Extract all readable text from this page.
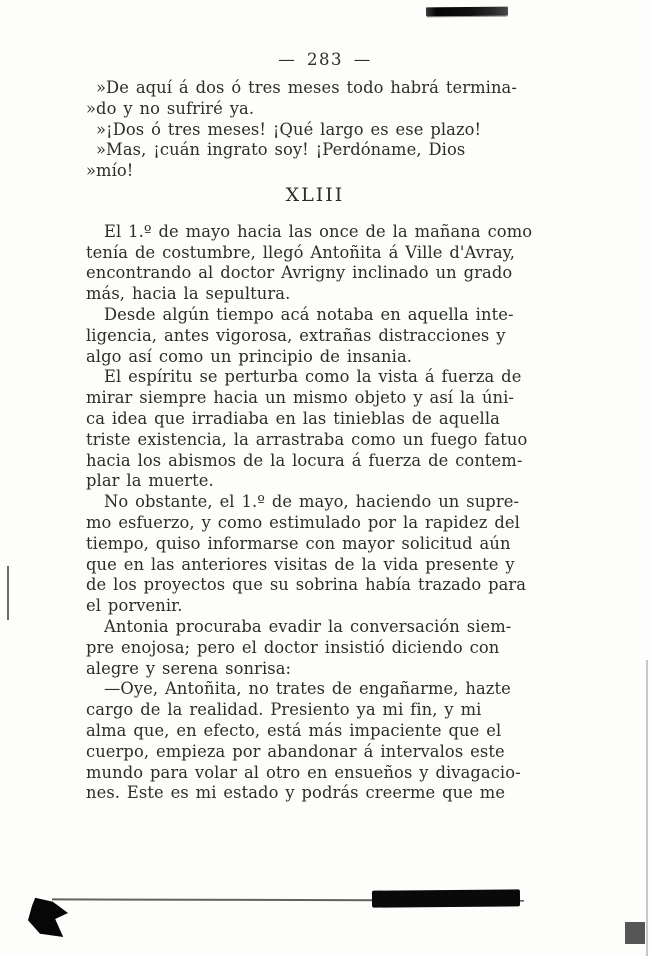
— 283 —

»De aquí á dos ó tres meses todo habrá termina-
»do y no sufriré ya.

»¡Dos ó tres meses! ¡Qué largo es ese plazo!

»Mas, ¡cuán ingrato soy! ¡Perdóname, Dios
»mío!

XLIII

El 1.º de mayo hacia las once de la mañana como
tenía de costumbre, llegó Antoñita á Ville d'Avray,
encontrando al doctor Avrigny inclinado un grado
más, hacia la sepultura.

Desde algún tiempo acá notaba en aquella inte-
ligencia, antes vigorosa, extrañas distracciones y
algo así como un principio de insania.

El espíritu se perturba como la vista á fuerza de
mirar siempre hacia un mismo objeto y así la úni-
ca idea que irradiaba en las tinieblas de aquella
triste existencia, la arrastraba como un fuego fatuo
hacia los abismos de la locura á fuerza de contem-
plar la muerte.

No obstante, el 1.º de mayo, haciendo un supre-
mo esfuerzo, y como estimulado por la rapidez del
tiempo, quiso informarse con mayor solicitud aún
que en las anteriores visitas de la vida presente y
de los proyectos que su sobrina había trazado para
el porvenir.

Antonia procuraba evadir la conversación siem-
pre enojosa; pero el doctor insistió diciendo con
alegre y serena sonrisa:

—Oye, Antoñita, no trates de engañarme, hazte
cargo de la realidad. Presiento ya mi fin, y mi
alma que, en efecto, está más impaciente que el
cuerpo, empieza por abandonar á intervalos este
mundo para volar al otro en ensueños y divagacio-
nes. Este es mi estado y podrás creerme que me
